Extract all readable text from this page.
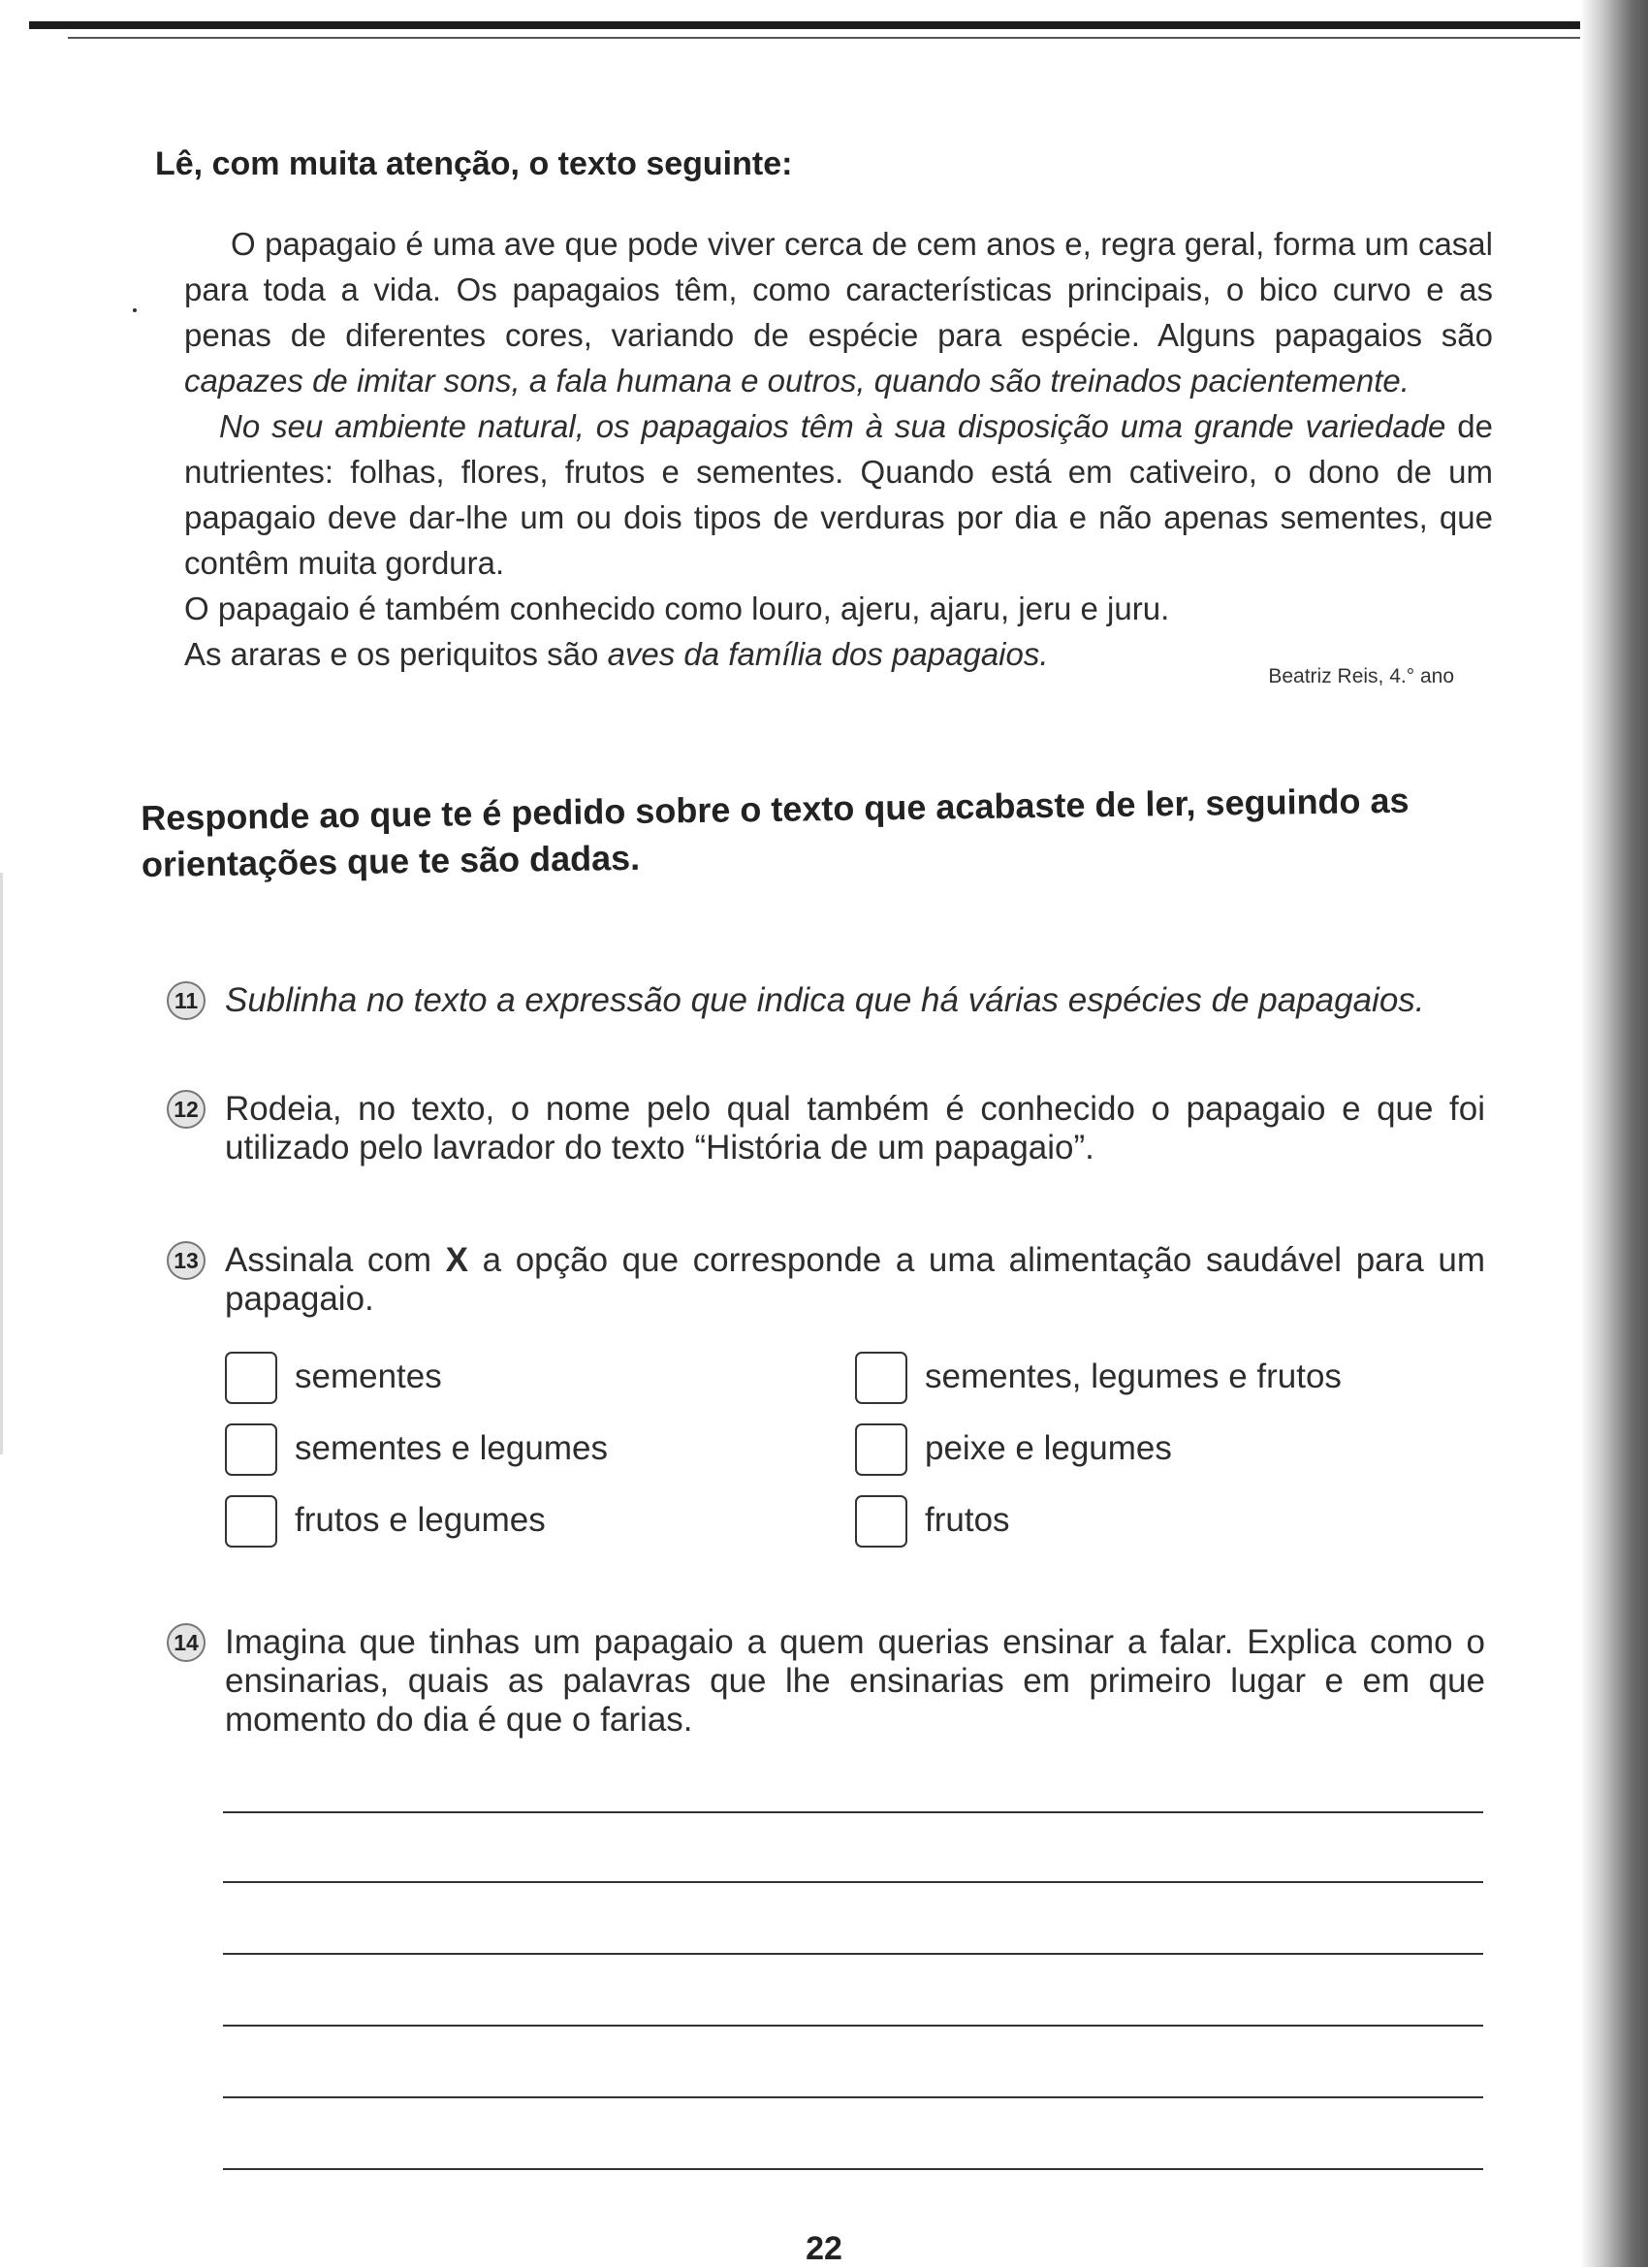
Lê, com muita atenção, o texto seguinte:

O papagaio é uma ave que pode viver cerca de cem anos e, regra geral, forma um casal para toda a vida. Os papagaios têm, como características principais, o bico curvo e as penas de diferentes cores, variando de espécie para espécie. Alguns papagaios são capazes de imitar sons, a fala humana e outros, quando são treinados pacientemente.

No seu ambiente natural, os papagaios têm à sua disposição uma grande variedade de nutrientes: folhas, flores, frutos e sementes. Quando está em cativeiro, o dono de um papagaio deve dar-lhe um ou dois tipos de verduras por dia e não apenas sementes, que contêm muita gordura.

O papagaio é também conhecido como louro, ajeru, ajaru, jeru e juru.

As araras e os periquitos são aves da família dos papagaios.

Beatriz Reis, 4.° ano
Responde ao que te é pedido sobre o texto que acabaste de ler, seguindo as orientações que te são dadas.
11 Sublinha no texto a expressão que indica que há várias espécies de papagaios.
12 Rodeia, no texto, o nome pelo qual também é conhecido o papagaio e que foi utilizado pelo lavrador do texto “História de um papagaio”.
13 Assinala com X a opção que corresponde a uma alimentação saudável para um papagaio.
sementes
sementes e legumes
frutos e legumes
sementes, legumes e frutos
peixe e legumes
frutos
14 Imagina que tinhas um papagaio a quem querias ensinar a falar. Explica como o ensinarias, quais as palavras que lhe ensinarias em primeiro lugar e em que momento do dia é que o farias.
22
